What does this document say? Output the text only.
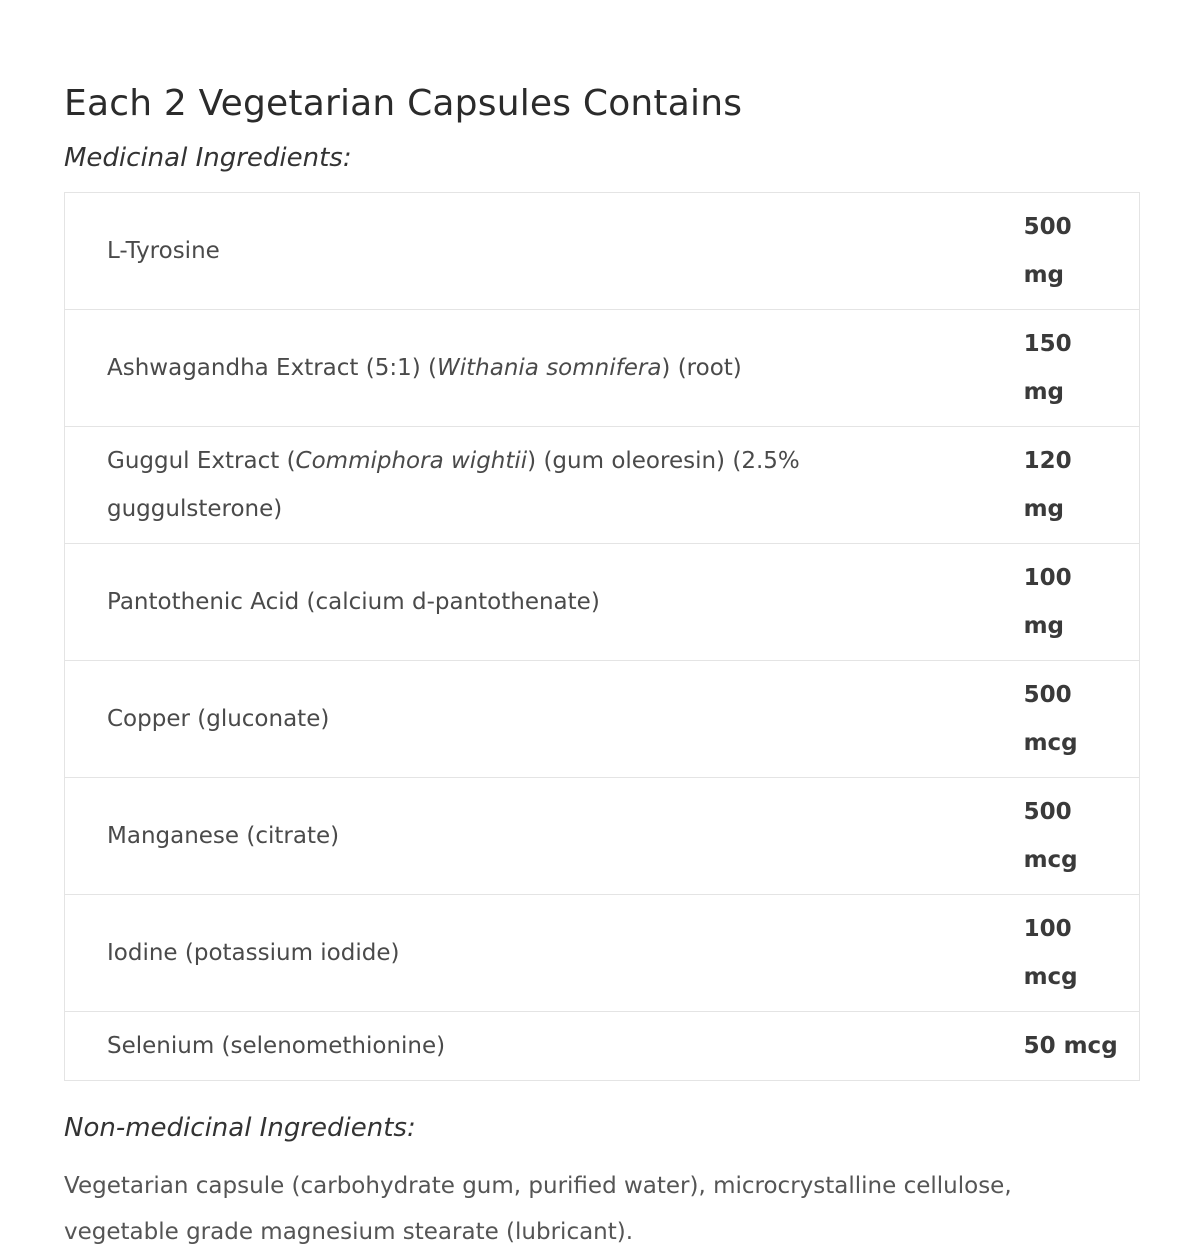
Each 2 Vegetarian Capsules Contains

Medicinal Ingredients:

L-Tyrosine	500 mg
Ashwagandha Extract (5:1) (Withania somnifera) (root)	150 mg
Guggul Extract (Commiphora wightii) (gum oleoresin) (2.5% guggulsterone)	120 mg
Pantothenic Acid (calcium d-pantothenate)	100 mg
Copper (gluconate)	500 mcg
Manganese (citrate)	500 mcg
Iodine (potassium iodide)	100 mcg
Selenium (selenomethionine)	50 mcg

Non-medicinal Ingredients:

Vegetarian capsule (carbohydrate gum, purified water), microcrystalline cellulose, vegetable grade magnesium stearate (lubricant).
